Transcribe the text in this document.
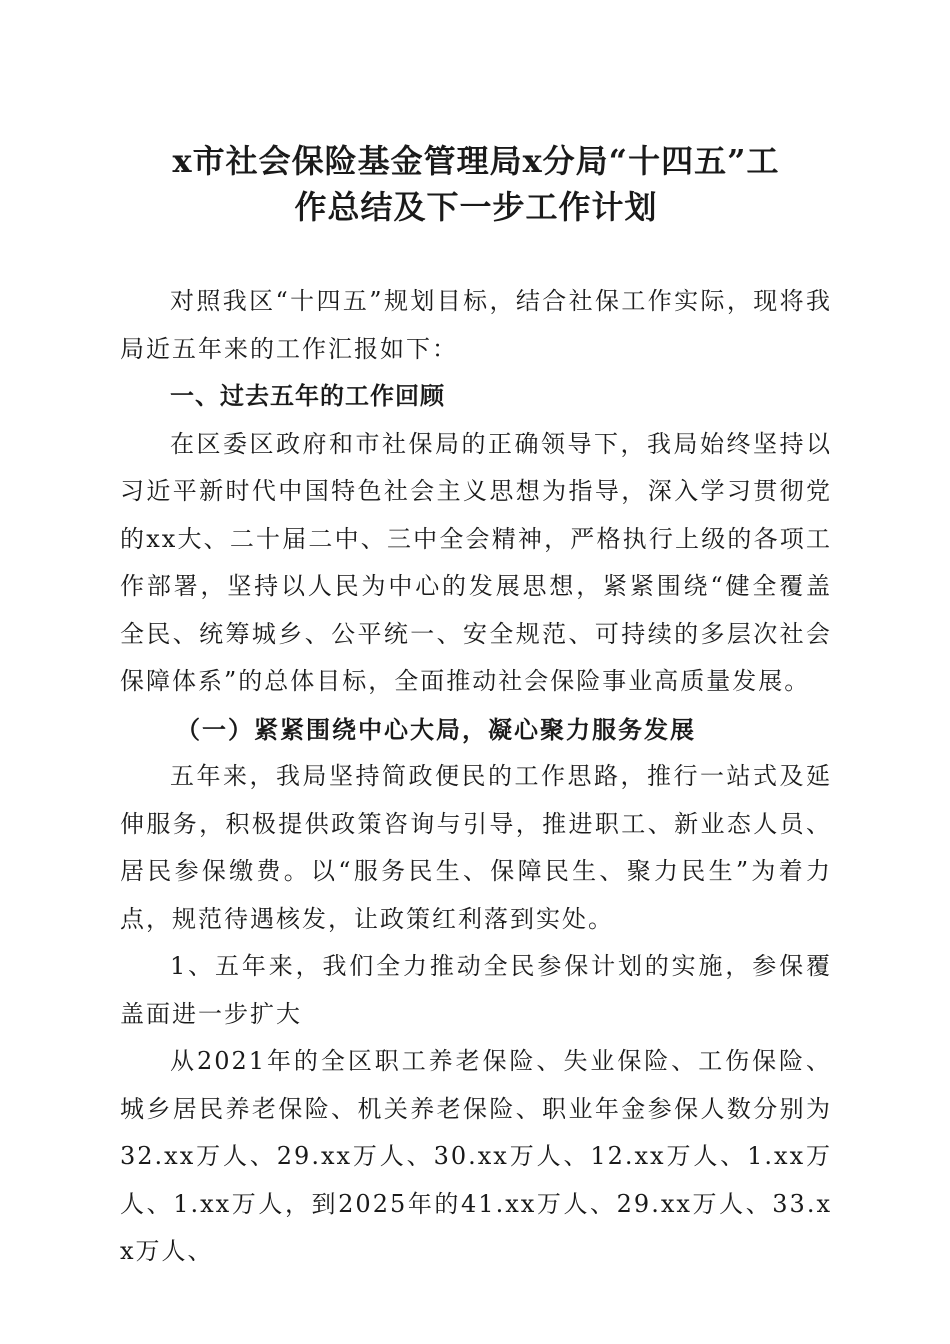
x市社会保险基金管理局x分局“十四五”工
作总结及下一步工作计划

对照我区“十四五”规划目标，结合社保工作实际，现将我局近五年来的工作汇报如下：

一、过去五年的工作回顾

在区委区政府和市社保局的正确领导下，我局始终坚持以习近平新时代中国特色社会主义思想为指导，深入学习贯彻党的xx大、二十届二中、三中全会精神，严格执行上级的各项工作部署，坚持以人民为中心的发展思想，紧紧围绕“健全覆盖全民、统筹城乡、公平统一、安全规范、可持续的多层次社会保障体系”的总体目标，全面推动社会保险事业高质量发展。

（一）紧紧围绕中心大局，凝心聚力服务发展

五年来，我局坚持简政便民的工作思路，推行一站式及延伸服务，积极提供政策咨询与引导，推进职工、新业态人员、居民参保缴费。以“服务民生、保障民生、聚力民生”为着力点，规范待遇核发，让政策红利落到实处。

1、五年来，我们全力推动全民参保计划的实施，参保覆盖面进一步扩大

从2021年的全区职工养老保险、失业保险、工伤保险、城乡居民养老保险、机关养老保险、职业年金参保人数分别为32.xx万人、29.xx万人、30.xx万人、12.xx万人、1.xx万人、1.xx万人，到2025年的41.xx万人、29.xx万人、33.xx万人、
